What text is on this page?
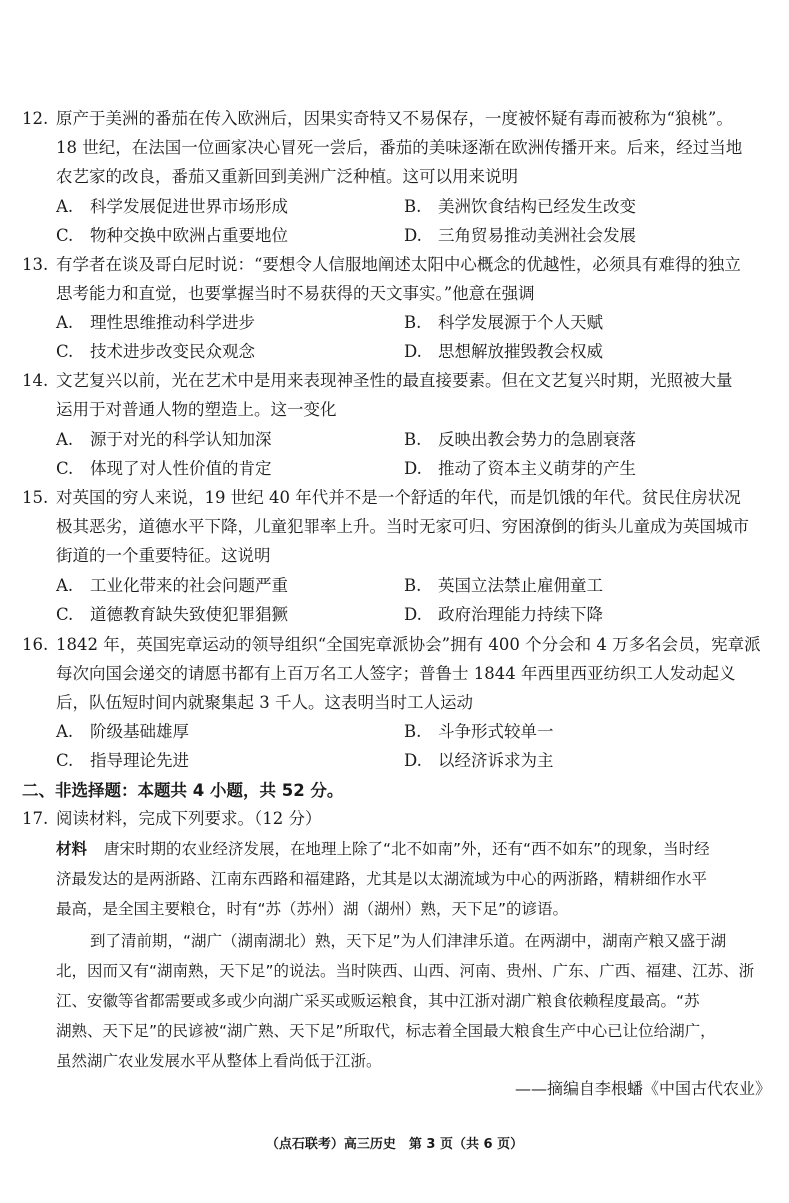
12. 原产于美洲的番茄在传入欧洲后，因果实奇特又不易保存，一度被怀疑有毒而被称为“狼桃”。
18 世纪，在法国一位画家决心冒死一尝后，番茄的美味逐渐在欧洲传播开来。后来，经过当地
农艺家的改良，番茄又重新回到美洲广泛种植。这可以用来说明
A. 科学发展促进世界市场形成	B. 美洲饮食结构已经发生改变
C. 物种交换中欧洲占重要地位	D. 三角贸易推动美洲社会发展
13. 有学者在谈及哥白尼时说：“要想令人信服地阐述太阳中心概念的优越性，必须具有难得的独立
思考能力和直觉，也要掌握当时不易获得的天文事实。”他意在强调
A. 理性思维推动科学进步	B. 科学发展源于个人天赋
C. 技术进步改变民众观念	D. 思想解放摧毁教会权威
14. 文艺复兴以前，光在艺术中是用来表现神圣性的最直接要素。但在文艺复兴时期，光照被大量
运用于对普通人物的塑造上。这一变化
A. 源于对光的科学认知加深	B. 反映出教会势力的急剧衰落
C. 体现了对人性价值的肯定	D. 推动了资本主义萌芽的产生
15. 对英国的穷人来说，19 世纪 40 年代并不是一个舒适的年代，而是饥饿的年代。贫民住房状况
极其恶劣，道德水平下降，儿童犯罪率上升。当时无家可归、穷困潦倒的街头儿童成为英国城市
街道的一个重要特征。这说明
A. 工业化带来的社会问题严重	B. 英国立法禁止雇佣童工
C. 道德教育缺失致使犯罪猖獗	D. 政府治理能力持续下降
16. 1842 年，英国宪章运动的领导组织“全国宪章派协会”拥有 400 个分会和 4 万多名会员，宪章派
每次向国会递交的请愿书都有上百万名工人签字；普鲁士 1844 年西里西亚纺织工人发动起义
后，队伍短时间内就聚集起 3 千人。这表明当时工人运动
A. 阶级基础雄厚	B. 斗争形式较单一
C. 指导理论先进	D. 以经济诉求为主
二、非选择题：本题共 4 小题，共 52 分。
17. 阅读材料，完成下列要求。（12 分）
材料 唐宋时期的农业经济发展，在地理上除了“北不如南”外，还有“西不如东”的现象，当时经
济最发达的是两浙路、江南东西路和福建路，尤其是以太湖流域为中心的两浙路，精耕细作水平
最高，是全国主要粮仓，时有“苏（苏州）湖（湖州）熟，天下足”的谚语。
到了清前期，“湖广（湖南湖北）熟，天下足”为人们津津乐道。在两湖中，湖南产粮又盛于湖
北，因而又有“湖南熟，天下足”的说法。当时陕西、山西、河南、贵州、广东、广西、福建、江苏、浙
江、安徽等省都需要或多或少向湖广采买或贩运粮食，其中江浙对湖广粮食依赖程度最高。“苏
湖熟、天下足”的民谚被“湖广熟、天下足”所取代，标志着全国最大粮食生产中心已让位给湖广，
虽然湖广农业发展水平从整体上看尚低于江浙。
——摘编自李根蟠《中国古代农业》
（点石联考）高三历史　第 3 页（共 6 页）
